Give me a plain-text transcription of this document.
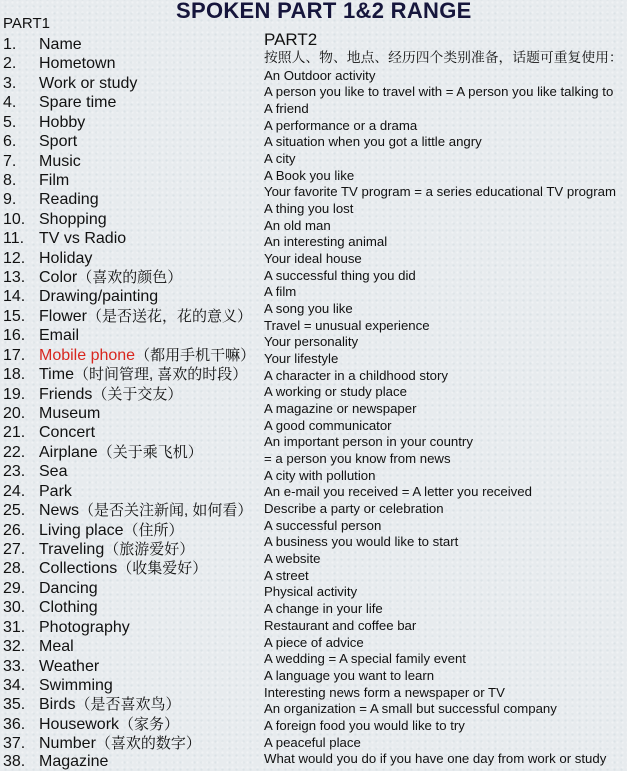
SPOKEN PART 1&2 RANGE
PART1
1. Name
2. Hometown
3. Work or study
4. Spare time
5. Hobby
6. Sport
7. Music
8. Film
9. Reading
10. Shopping
11. TV vs Radio
12. Holiday
13. Color（喜欢的颜色）
14. Drawing/painting
15. Flower（是否送花，花的意义）
16. Email
17. Mobile phone（都用手机干嘛）
18. Time（时间管理, 喜欢的时段）
19. Friends（关于交友）
20. Museum
21. Concert
22. Airplane（关于乘飞机）
23. Sea
24. Park
25. News（是否关注新闻, 如何看）
26. Living place（住所）
27. Traveling（旅游爱好）
28. Collections（收集爱好）
29. Dancing
30. Clothing
31. Photography
32. Meal
33. Weather
34. Swimming
35. Birds（是否喜欢鸟）
36. Housework（家务）
37. Number（喜欢的数字）
38. Magazine
PART2
按照人、物、地点、经历四个类别准备，话题可重复使用：
An Outdoor activity
A person you like to travel with = A person you like talking to
A friend
A performance or a drama
A situation when you got a little angry
A city
A Book you like
Your favorite TV program = a series educational TV program
A thing you lost
An old man
An interesting animal
Your ideal house
A successful thing you did
A film
A song you like
Travel = unusual experience
Your personality
Your lifestyle
A character in a childhood story
A working or study place
A magazine or newspaper
A good communicator
An important person in your country
= a person you know from news
A city with pollution
An e-mail you received = A letter you received
Describe a party or celebration
A successful person
A business you would like to start
A website
A street
Physical activity
A change in your life
Restaurant and coffee bar
A piece of advice
A wedding = A special family event
A language you want to learn
Interesting news form a newspaper or TV
An organization = A small but successful company
A foreign food you would like to try
A peaceful place
What would you do if you have one day from work or study
